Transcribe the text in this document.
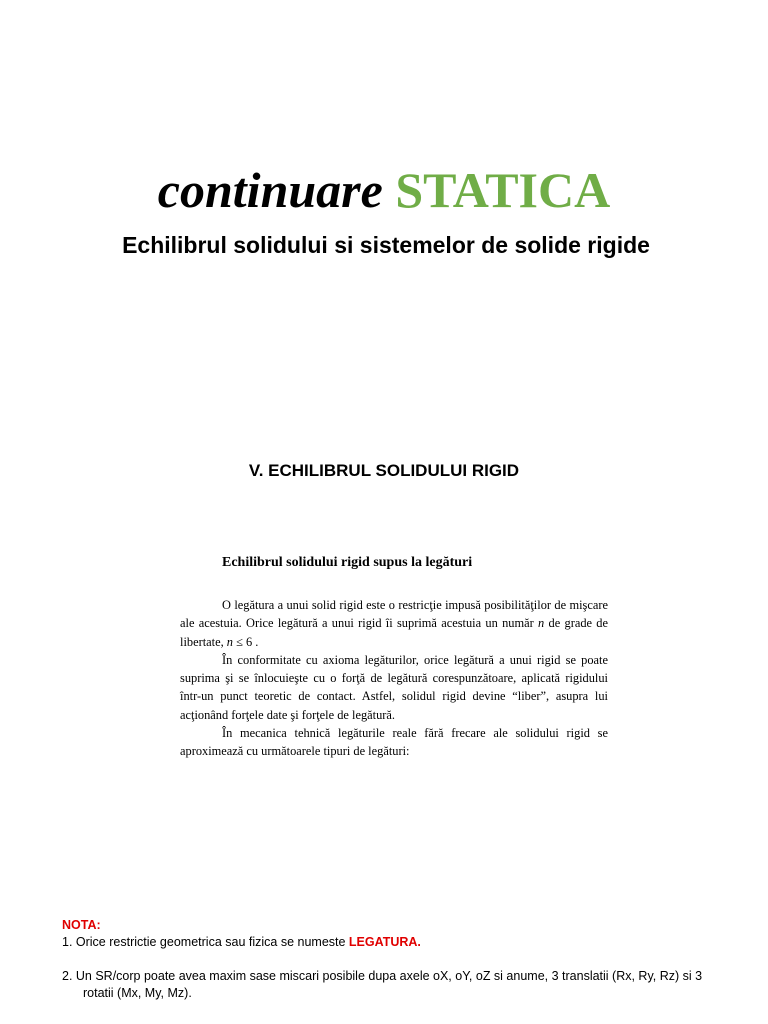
continuare STATICA
Echilibrul solidului si sistemelor de solide rigide
V. ECHILIBRUL SOLIDULUI RIGID
Echilibrul solidului rigid supus la legături

O legătura a unui solid rigid este o restricţie impusă posibilităţilor de mişcare ale acestuia. Orice legătură a unui rigid îi suprimă acestuia un număr n de grade de libertate, n ≤ 6 .

În conformitate cu axioma legăturilor, orice legătură a unui rigid se poate suprima şi se înlocuieşte cu o forţă de legătură corespunzătoare, aplicată rigidului într-un punct teoretic de contact. Astfel, solidul rigid devine “liber”, asupra lui acţionând forţele date şi forţele de legătură.

În mecanica tehnică legăturile reale fără frecare ale solidului rigid se aproximează cu următoarele tipuri de legături:

NOTA:
1. Orice restrictie geometrica sau fizica se numeste LEGATURA.
2. Un SR/corp poate avea maxim sase miscari posibile dupa axele oX, oY, oZ si anume, 3 translatii (Rx, Ry, Rz) si 3 rotatii (Mx, My, Mz).
